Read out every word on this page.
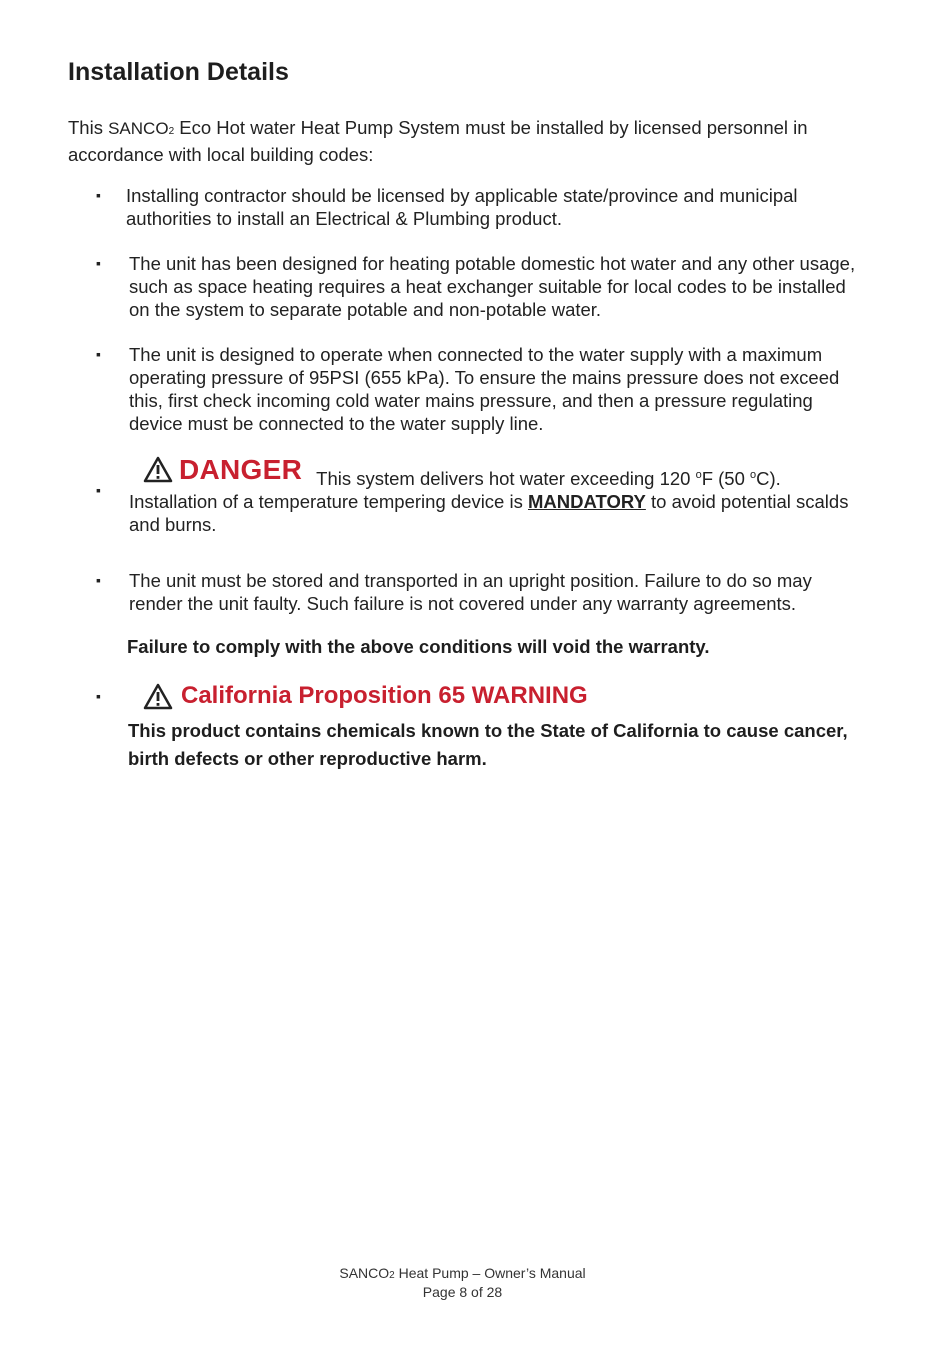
Installation Details
This SANCO2 Eco Hot water Heat Pump System must be installed by licensed personnel in accordance with local building codes:
▪ Installing contractor should be licensed by applicable state/province and municipal authorities to install an Electrical & Plumbing product.
▪ The unit has been designed for heating potable domestic hot water and any other usage, such as space heating requires a heat exchanger suitable for local codes to be installed on the system to separate potable and non-potable water.
▪ The unit is designed to operate when connected to the water supply with a maximum operating pressure of 95PSI (655 kPa). To ensure the mains pressure does not exceed this, first check incoming cold water mains pressure, and then a pressure regulating device must be connected to the water supply line.
▪
DANGER This system delivers hot water exceeding 120 $^o$F (50 $^o$C). Installation of a temperature tempering device is MANDATORY to avoid potential scalds and burns.
▪ The unit must be stored and transported in an upright position. Failure to do so may render the unit faulty. Such failure is not covered under any warranty agreements.
Failure to comply with the above conditions will void the warranty.
▪	California Proposition 65 WARNING
This product contains chemicals known to the State of California to cause cancer, birth defects or other reproductive harm.
SANCO2 Heat Pump – Owner’s Manual
Page 8 of 28
